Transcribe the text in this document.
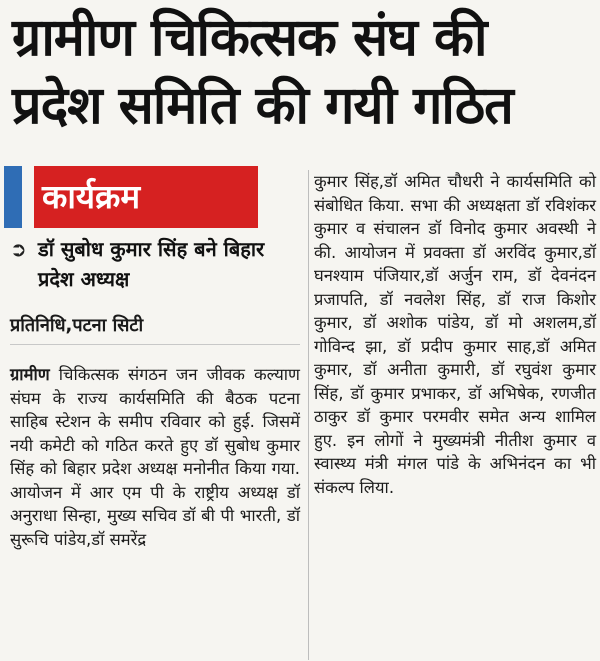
ग्रामीण चिकित्सक संघ की प्रदेश समिति की गयी गठित
कार्यक्रम
➲ डॉ सुबोध कुमार सिंह बने बिहार प्रदेश अध्यक्ष
प्रतिनिधि,पटना सिटी

ग्रामीण चिकित्सक संगठन जन जीवक कल्याण संघम के राज्य कार्यसमिति की बैठक पटना साहिब स्टेशन के समीप रविवार को हुई. जिसमें नयी कमेटी को गठित करते हुए डॉ सुबोध कुमार सिंह को बिहार प्रदेश अध्यक्ष मनोनीत किया गया. आयोजन में आर एम पी के राष्ट्रीय अध्यक्ष डॉ अनुराधा सिन्हा, मुख्य सचिव डॉ बी पी भारती, डॉ सुरूचि पांडेय,डॉ समरेंद्र

कुमार सिंह,डॉ अमित चौधरी ने कार्यसमिति को संबोधित किया. सभा की अध्यक्षता डॉ रविशंकर कुमार व संचालन डॉ विनोद कुमार अवस्थी ने की. आयोजन में प्रवक्ता डॉ अरविंद कुमार,डॉ घनश्याम पंजियार,डॉ अर्जुन राम, डॉ देवनंदन प्रजापति, डॉ नवलेश सिंह, डॉ राज किशोर कुमार, डॉ अशोक पांडेय, डॉ मो अशलम,डॉ गोविन्द झा, डॉ प्रदीप कुमार साह,डॉ अमित कुमार, डॉ अनीता कुमारी, डॉ रघुवंश कुमार सिंह, डॉ कुमार प्रभाकर, डॉ अभिषेक, रणजीत ठाकुर डॉ कुमार परमवीर समेत अन्य शामिल हुए. इन लोगों ने मुख्यमंत्री नीतीश कुमार व स्वास्थ्य मंत्री मंगल पांडे के अभिनंदन का भी संकल्प लिया.
